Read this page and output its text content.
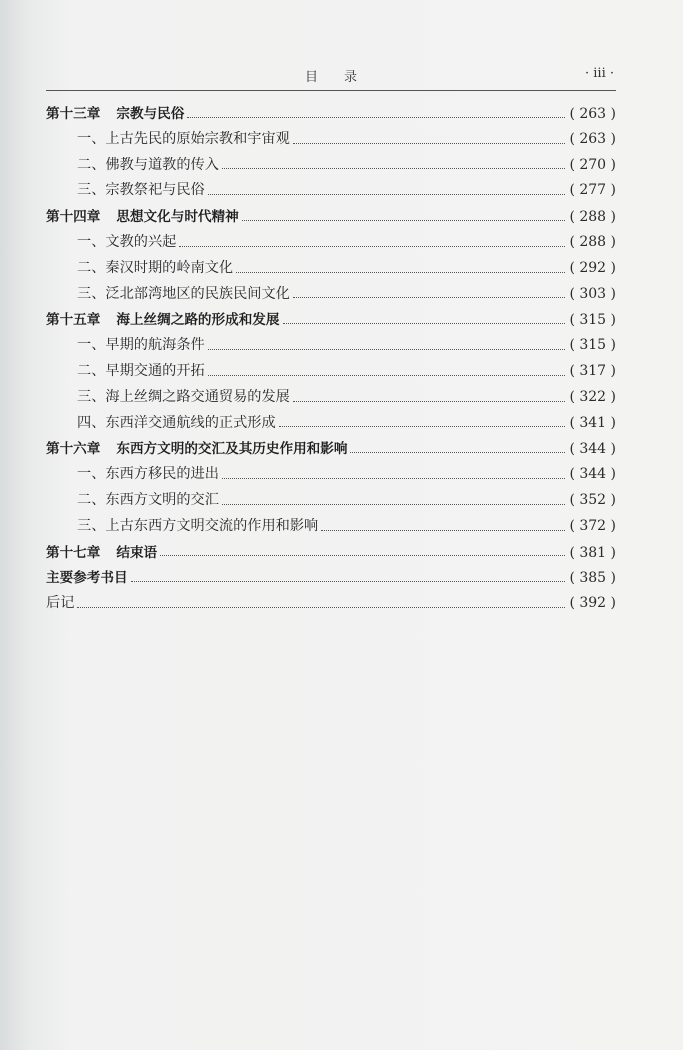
目录	· iii ·
第十三章 宗教与民俗	( 263 )
一、上古先民的原始宗教和宇宙观	( 263 )
二、佛教与道教的传入	( 270 )
三、宗教祭祀与民俗	( 277 )
第十四章 思想文化与时代精神	( 288 )
一、文教的兴起	( 288 )
二、秦汉时期的岭南文化	( 292 )
三、泛北部湾地区的民族民间文化	( 303 )
第十五章 海上丝绸之路的形成和发展	( 315 )
一、早期的航海条件	( 315 )
二、早期交通的开拓	( 317 )
三、海上丝绸之路交通贸易的发展	( 322 )
四、东西洋交通航线的正式形成	( 341 )
第十六章 东西方文明的交汇及其历史作用和影响	( 344 )
一、东西方移民的进出	( 344 )
二、东西方文明的交汇	( 352 )
三、上古东西方文明交流的作用和影响	( 372 )
第十七章 结束语	( 381 )
主要参考书目	( 385 )
后记	( 392 )
